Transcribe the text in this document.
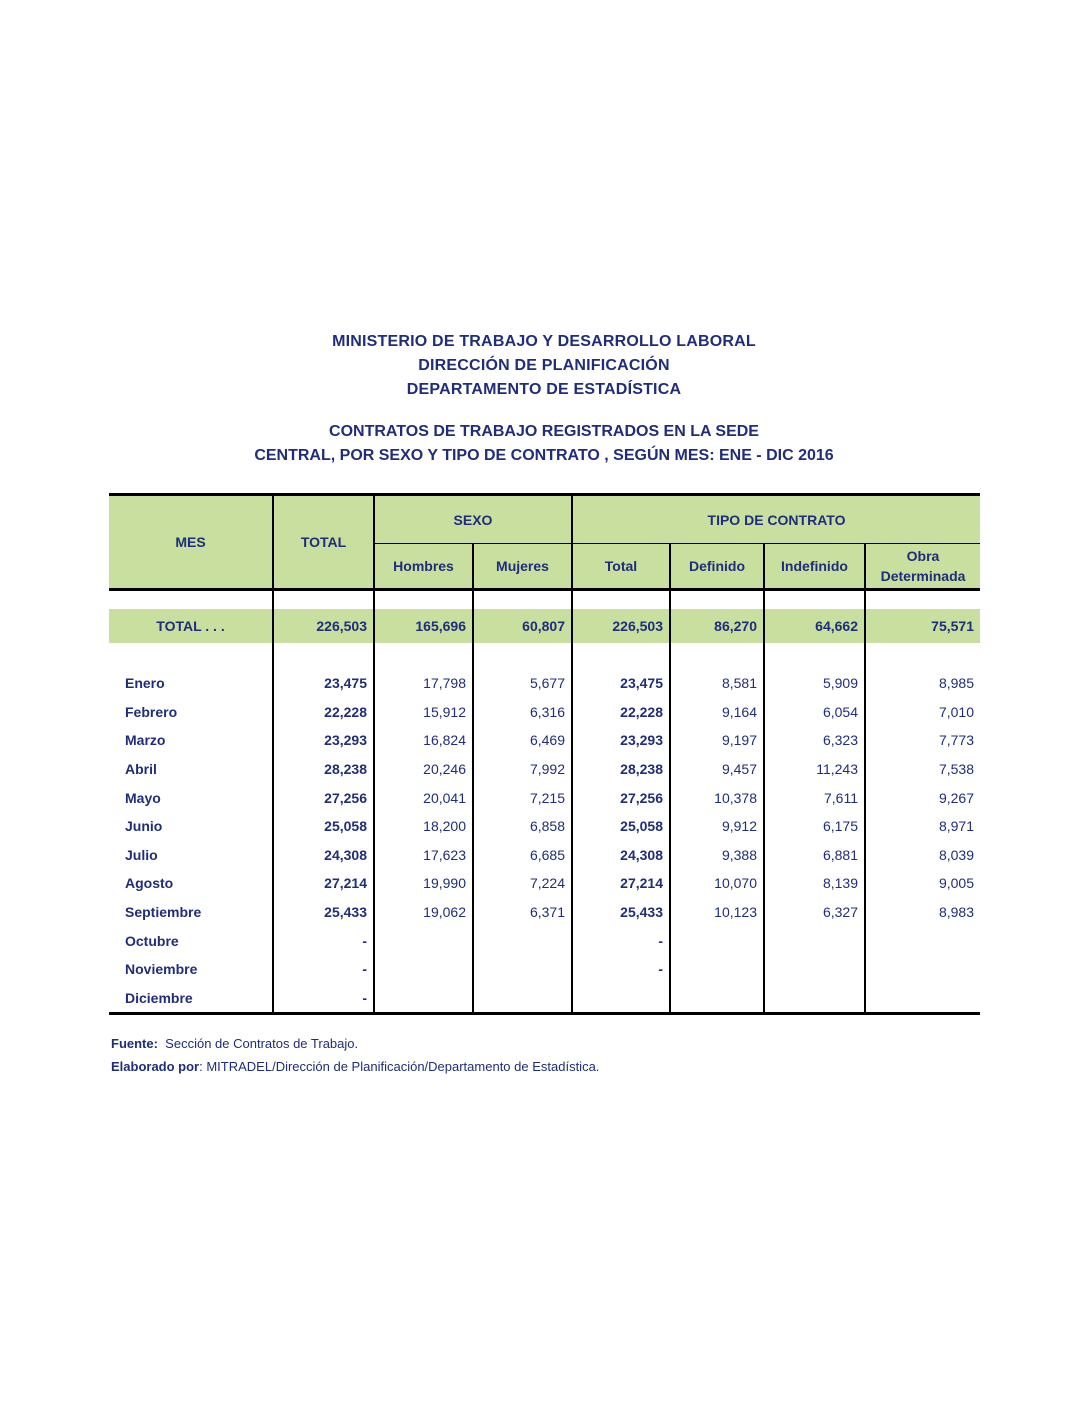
MINISTERIO DE TRABAJO Y DESARROLLO LABORAL
DIRECCIÓN DE PLANIFICACIÓN
DEPARTAMENTO DE ESTADÍSTICA
CONTRATOS DE TRABAJO REGISTRADOS EN LA SEDE
CENTRAL, POR SEXO Y TIPO DE CONTRATO , SEGÚN MES: ENE - DIC 2016
MES	TOTAL	SEXO		TIPO DE CONTRATO			
		Hombres	Mujeres	Total	Definido	Indefinido	Obra
Determinada

TOTAL . . .	226,503	165,696	60,807	226,503	86,270	64,662	75,571

Enero	23,475	17,798	5,677	23,475	8,581	5,909	8,985
Febrero	22,228	15,912	6,316	22,228	9,164	6,054	7,010
Marzo	23,293	16,824	6,469	23,293	9,197	6,323	7,773
Abril	28,238	20,246	7,992	28,238	9,457	11,243	7,538
Mayo	27,256	20,041	7,215	27,256	10,378	7,611	9,267
Junio	25,058	18,200	6,858	25,058	9,912	6,175	8,971
Julio	24,308	17,623	6,685	24,308	9,388	6,881	8,039
Agosto	27,214	19,990	7,224	27,214	10,070	8,139	9,005
Septiembre	25,433	19,062	6,371	25,433	10,123	6,327	8,983
Octubre	-			-			
Noviembre	-			-			
Diciembre	-						
Fuente:  Sección de Contratos de Trabajo.
Elaborado por: MITRADEL/Dirección de Planificación/Departamento de Estadística.
